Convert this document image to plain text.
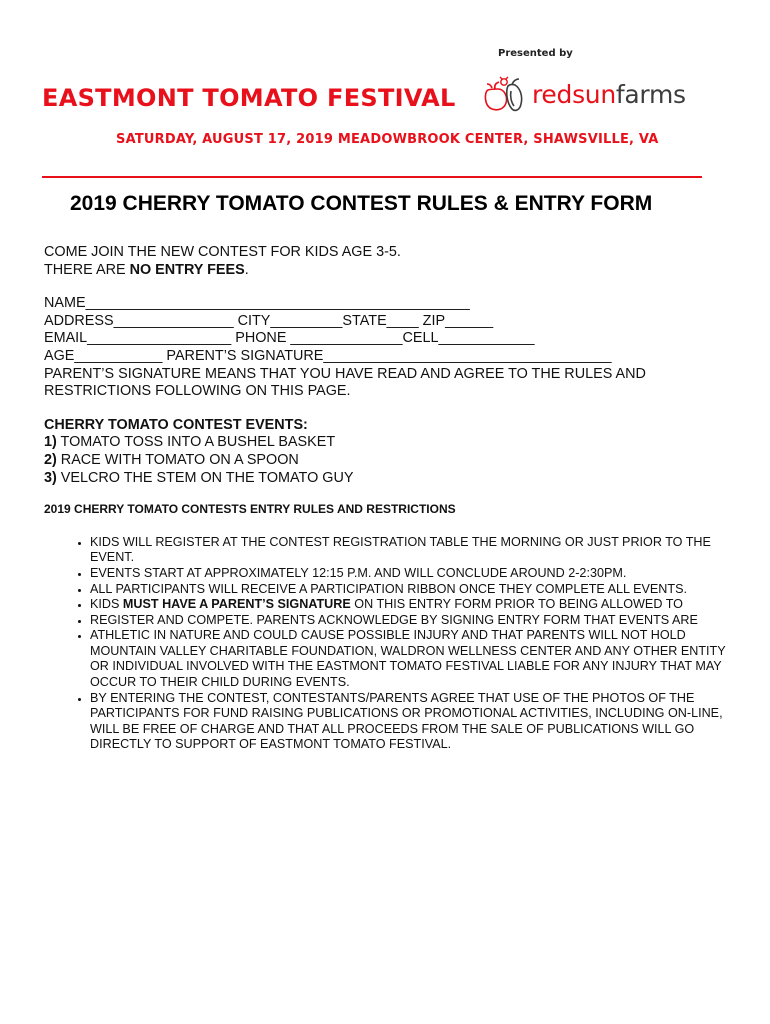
Presented by
EASTMONT TOMATO FESTIVAL	redsunfarms
SATURDAY, AUGUST 17, 2019 MEADOWBROOK CENTER, SHAWSVILLE, VA
2019 CHERRY TOMATO CONTEST RULES & ENTRY FORM
COME JOIN THE NEW CONTEST FOR KIDS AGE 3-5.
THERE ARE NO ENTRY FEES.
NAME________________________________________________
ADDRESS_______________ CITY_________STATE____ ZIP______
EMAIL__________________ PHONE ______________CELL____________
AGE___________ PARENT’S SIGNATURE____________________________________
PARENT’S SIGNATURE MEANS THAT YOU HAVE READ AND AGREE TO THE RULES AND RESTRICTIONS FOLLOWING ON THIS PAGE.
CHERRY TOMATO CONTEST EVENTS:
1) TOMATO TOSS INTO A BUSHEL BASKET
2) RACE WITH TOMATO ON A SPOON
3) VELCRO THE STEM ON THE TOMATO GUY
2019 CHERRY TOMATO CONTESTS ENTRY RULES AND RESTRICTIONS
• KIDS WILL REGISTER AT THE CONTEST REGISTRATION TABLE THE MORNING OR JUST PRIOR TO THE EVENT.
• EVENTS START AT APPROXIMATELY 12:15 P.M. AND WILL CONCLUDE AROUND 2-2:30PM.
• ALL PARTICIPANTS WILL RECEIVE A PARTICIPATION RIBBON ONCE THEY COMPLETE ALL EVENTS.
• KIDS MUST HAVE A PARENT’S SIGNATURE ON THIS ENTRY FORM PRIOR TO BEING ALLOWED TO
• REGISTER AND COMPETE. PARENTS ACKNOWLEDGE BY SIGNING ENTRY FORM THAT EVENTS ARE
• ATHLETIC IN NATURE AND COULD CAUSE POSSIBLE INJURY AND THAT PARENTS WILL NOT HOLD MOUNTAIN VALLEY CHARITABLE FOUNDATION, WALDRON WELLNESS CENTER AND ANY OTHER ENTITY OR INDIVIDUAL INVOLVED WITH THE EASTMONT TOMATO FESTIVAL LIABLE FOR ANY INJURY THAT MAY OCCUR TO THEIR CHILD DURING EVENTS.
• BY ENTERING THE CONTEST, CONTESTANTS/PARENTS AGREE THAT USE OF THE PHOTOS OF THE PARTICIPANTS FOR FUND RAISING PUBLICATIONS OR PROMOTIONAL ACTIVITIES, INCLUDING ON-LINE, WILL BE FREE OF CHARGE AND THAT ALL PROCEEDS FROM THE SALE OF PUBLICATIONS WILL GO DIRECTLY TO SUPPORT OF EASTMONT TOMATO FESTIVAL.
